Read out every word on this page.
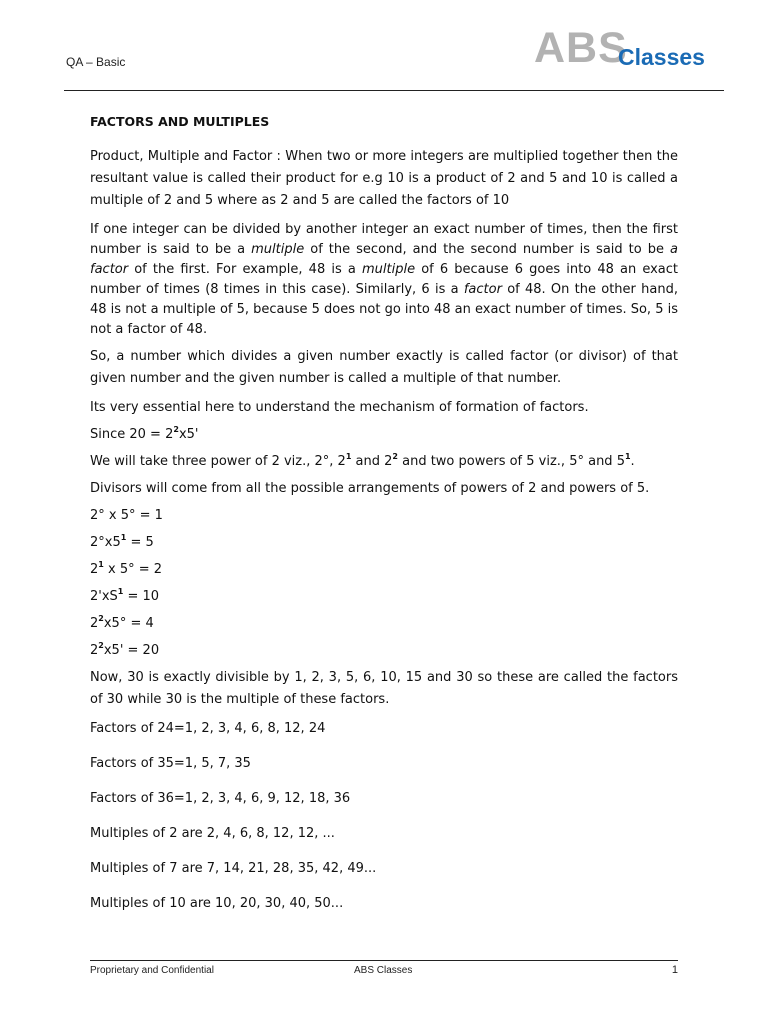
QA – Basic	ABS
Classes

FACTORS AND MULTIPLES

Product, Multiple and Factor : When two or more integers are multiplied together then the resultant value is called their product for e.g 10 is a product of 2 and 5 and 10 is called a multiple of 2 and 5 where as 2 and 5 are called the factors of 10

If one integer can be divided by another integer an exact number of times, then the first number is said to be a multiple of the second, and the second number is said to be a factor of the first. For example, 48 is a multiple of 6 because 6 goes into 48 an exact number of times (8 times in this case). Similarly, 6 is a factor of 48. On the other hand, 48 is not a multiple of 5, because 5 does not go into 48 an exact number of times. So, 5 is not a factor of 48.

So, a number which divides a given number exactly is called factor (or divisor) of that given number and the given number is called a multiple of that number.

Its very essential here to understand the mechanism of formation of factors.

Since $20 = 2^2x5'$

We will take three power of 2 viz., 2°, $2^1$ and $2^2$ and two powers of 5 viz., 5° and $5^1$.

Divisors will come from all the possible arrangements of powers of 2 and powers of 5.

2° x 5° = 1

$2^\circ x5^1 = 5$

$2^1$ x 5° = 2

$2'xS^1 = 10$

$2^2x5^\circ = 4$

$2^2x5' = 20$

Now, 30 is exactly divisible by 1, 2, 3, 5, 6, 10, 15 and 30 so these are called the factors of 30 while 30 is the multiple of these factors.

Factors of 24=1, 2, 3, 4, 6, 8, 12, 24

Factors of 35=1, 5, 7, 35

Factors of 36=1, 2, 3, 4, 6, 9, 12, 18, 36

Multiples of 2 are 2, 4, 6, 8, 12, 12, ...

Multiples of 7 are 7, 14, 21, 28, 35, 42, 49...

Multiples of 10 are 10, 20, 30, 40, 50...

Proprietary and Confidential	ABS Classes	1
